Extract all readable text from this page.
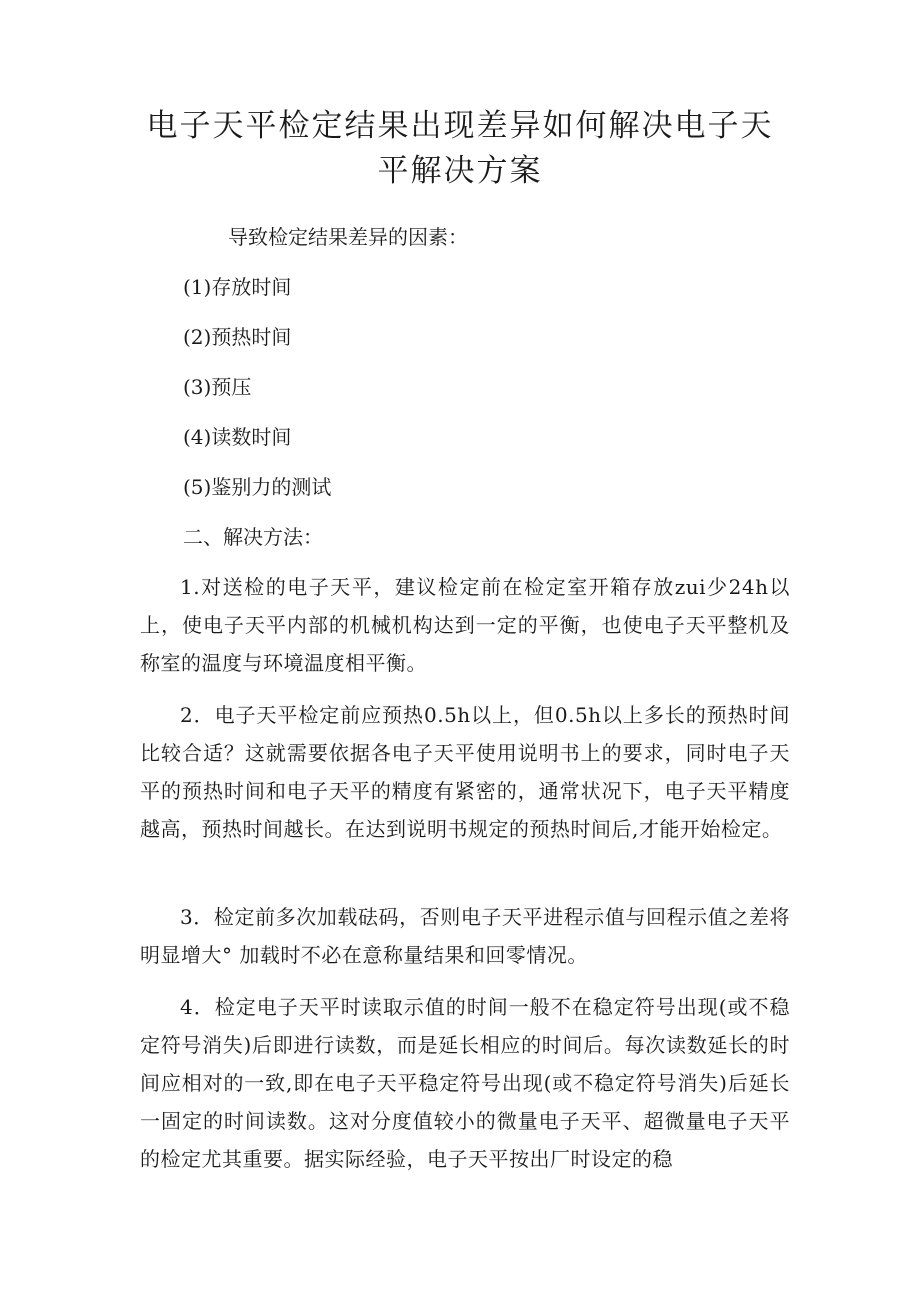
电子天平检定结果出现差异如何解决电子天平解决方案

导致检定结果差异的因素：

(1)存放时间

(2)预热时间

(3)预压

(4)读数时间

(5)鉴别力的测试

二、解决方法：

1.对送检的电子天平，建议检定前在检定室开箱存放zui少24h以上，使电子天平内部的机械机构达到一定的平衡，也使电子天平整机及称室的温度与环境温度相平衡。

2．电子天平检定前应预热0.5h以上，但0.5h以上多长的预热时间比较合适？这就需要依据各电子天平使用说明书上的要求，同时电子天平的预热时间和电子天平的精度有紧密的，通常状况下，电子天平精度越高，预热时间越长。在达到说明书规定的预热时间后,才能开始检定。

3．检定前多次加载砝码，否则电子天平进程示值与回程示值之差将明显增大° 加载时不必在意称量结果和回零情况。

4．检定电子天平时读取示值的时间一般不在稳定符号出现(或不稳定符号消失)后即进行读数，而是延长相应的时间后。每次读数延长的时间应相对的一致,即在电子天平稳定符号出现(或不稳定符号消失)后延长一固定的时间读数。这对分度值较小的微量电子天平、超微量电子天平的检定尤其重要。据实际经验，电子天平按出厂时设定的稳
